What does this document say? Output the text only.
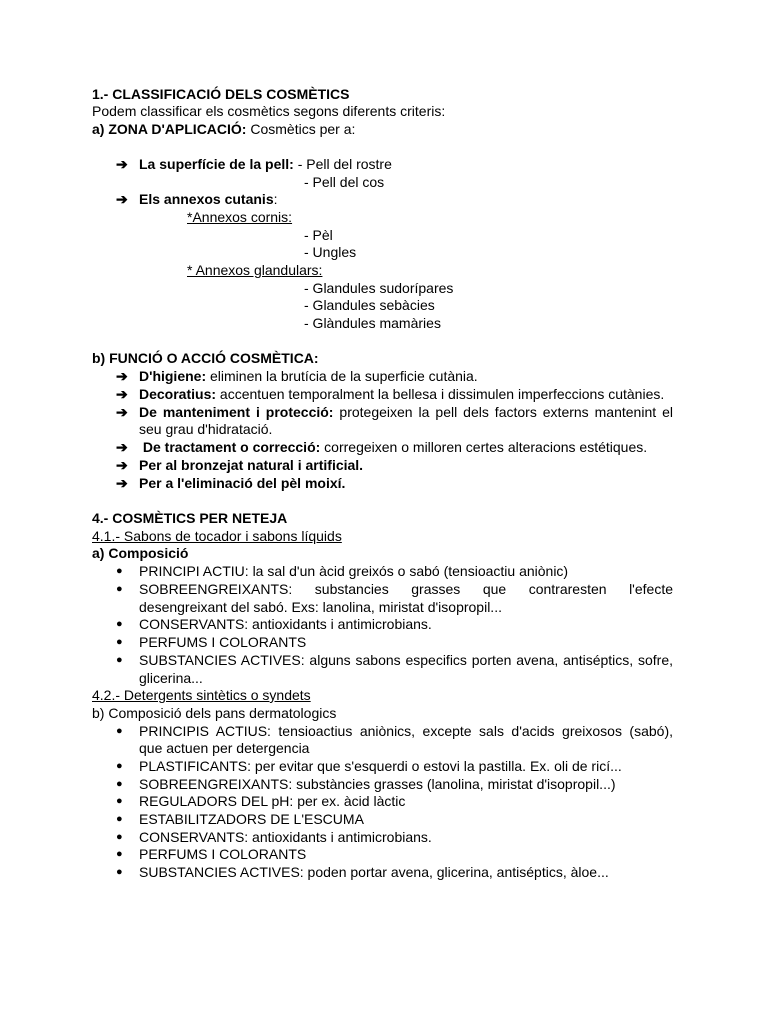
1.- CLASSIFICACIÓ DELS COSMÈTICS
Podem classificar els cosmètics segons diferents criteris:
a) ZONA D'APLICACIÓ: Cosmètics per a:
➔ La superfície de la pell: - Pell del rostre
- Pell del cos
➔ Els annexos cutanis:
*Annexos cornis:
- Pèl
- Ungles
* Annexos glandulars:
- Glandules sudorípares
- Glandules sebàcies
- Glàndules mamàries
b) FUNCIÓ O ACCIÓ COSMÈTICA:
➔ D'higiene: eliminen la brutícia de la superficie cutània.
➔ Decoratius: accentuen temporalment la bellesa i dissimulen imperfeccions cutànies.
➔ De manteniment i protecció: protegeixen la pell dels factors externs mantenint el
seu grau d'hidratació.
➔ De tractament o correcció: corregeixen o milloren certes alteracions estétiques.
➔ Per al bronzejat natural i artificial.
➔ Per a l'eliminació del pèl moixí.
4.- COSMÈTICS PER NETEJA
4.1.- Sabons de tocador i sabons líquids
a) Composició
● PRINCIPI ACTIU: la sal d'un àcid greixós o sabó (tensioactiu aniònic)
● SOBREENGREIXANTS: substancies grasses que contraresten l'efecte
desengreixant del sabó. Exs: lanolina, miristat d'isopropil...
● CONSERVANTS: antioxidants i antimicrobians.
● PERFUMS I COLORANTS
● SUBSTANCIES ACTIVES: alguns sabons especifics porten avena, antiséptics, sofre,
glicerina...
4.2.- Detergents sintètics o syndets
b) Composició dels pans dermatologics
● PRINCIPIS ACTIUS: tensioactius aniònics, excepte sals d'acids greixosos (sabó),
que actuen per detergencia
● PLASTIFICANTS: per evitar que s'esquerdi o estovi la pastilla. Ex. oli de ricí...
● SOBREENGREIXANTS: substàncies grasses (lanolina, miristat d'isopropil...)
● REGULADORS DEL pH: per ex. àcid làctic
● ESTABILITZADORS DE L'ESCUMA
● CONSERVANTS: antioxidants i antimicrobians.
● PERFUMS I COLORANTS
● SUBSTANCIES ACTIVES: poden portar avena, glicerina, antiséptics, àloe...
